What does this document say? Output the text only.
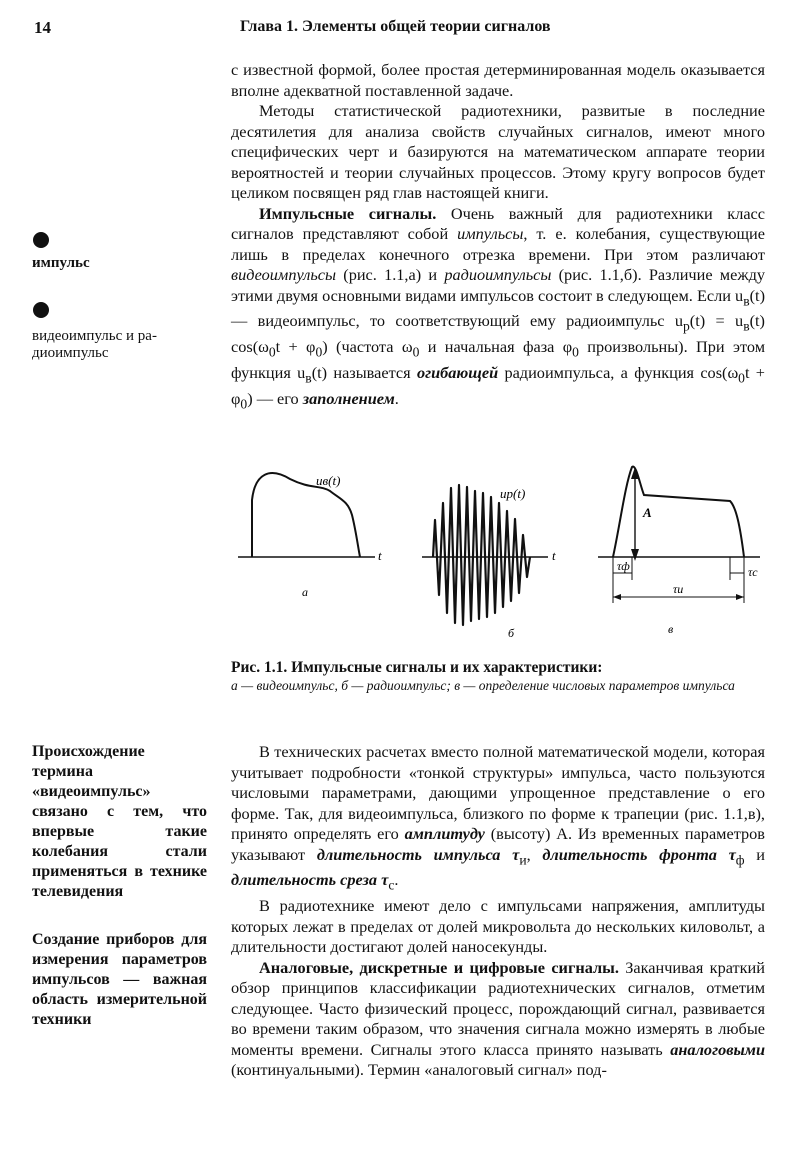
14	Глава 1. Элементы общей теории сигналов
импульс
видеоимпульс и ра-
диоимпульс

с известной формой, более простая детерминированная модель оказывается вполне адекватной поставленной задаче.

Методы статистической радиотехники, развитые в последние десятилетия для анализа свойств случайных сигналов, имеют много специфических черт и базируются на математическом аппарате теории вероятностей и теории случайных процессов. Этому кругу вопросов будет целиком посвящен ряд глав настоящей книги.

Импульсные сигналы. Очень важный для радиотехники класс сигналов представляют собой импульсы, т. е. колебания, существующие лишь в пределах конечного отрезка времени. При этом различают видеоимпульсы (рис. 1.1,а) и радиоимпульсы (рис. 1.1,б). Различие между этими двумя основными видами импульсов состоит в следующем. Если $u_в(t)$ — видеоимпульс, то соответствующий ему радиоимпульс $u_р(t) = u_в(t) \cos(\omega_0t + \varphi_0)$ (частота $\omega_0$ и начальная фаза $\varphi_0$ произвольны). При этом функция $u_в(t)$ называется огибающей радиоимпульса, а функция $\cos(\omega_0t + \varphi_0)$ — его заполнением.

uв(t)
t
а
uр(t)
t
б
A
τф	τс
τи
в
Рис. 1.1. Импульсные сигналы и их характеристики:
а — видеоимпульс, б — радиоимпульс; в — определение числовых параметров импульса
Происхождение термина «видеоимпульс» связано с тем, что впервые такие колебания стали применяться в технике телевидения
Создание приборов для измерения параметров импульсов — важная область измерительной техники

В технических расчетах вместо полной математической модели, которая учитывает подробности «тонкой структуры» импульса, часто пользуются числовыми параметрами, дающими упрощенное представление о его форме. Так, для видеоимпульса, близкого по форме к трапеции (рис. 1.1,в), принято определять его амплитуду (высоту) A. Из временных параметров указывают длительность импульса $\tau_и$, длительность фронта $\tau_ф$ и длительность среза $\tau_с$.

В радиотехнике имеют дело с импульсами напряжения, амплитуды которых лежат в пределах от долей микровольта до нескольких киловольт, а длительности достигают долей наносекунды.

Аналоговые, дискретные и цифровые сигналы. Заканчивая краткий обзор принципов классификации радиотехнических сигналов, отметим следующее. Часто физический процесс, порождающий сигнал, развивается во времени таким образом, что значения сигнала можно измерять в любые моменты времени. Сигналы этого класса принято называть аналоговыми (континуальными). Термин «аналоговый сигнал» под-
